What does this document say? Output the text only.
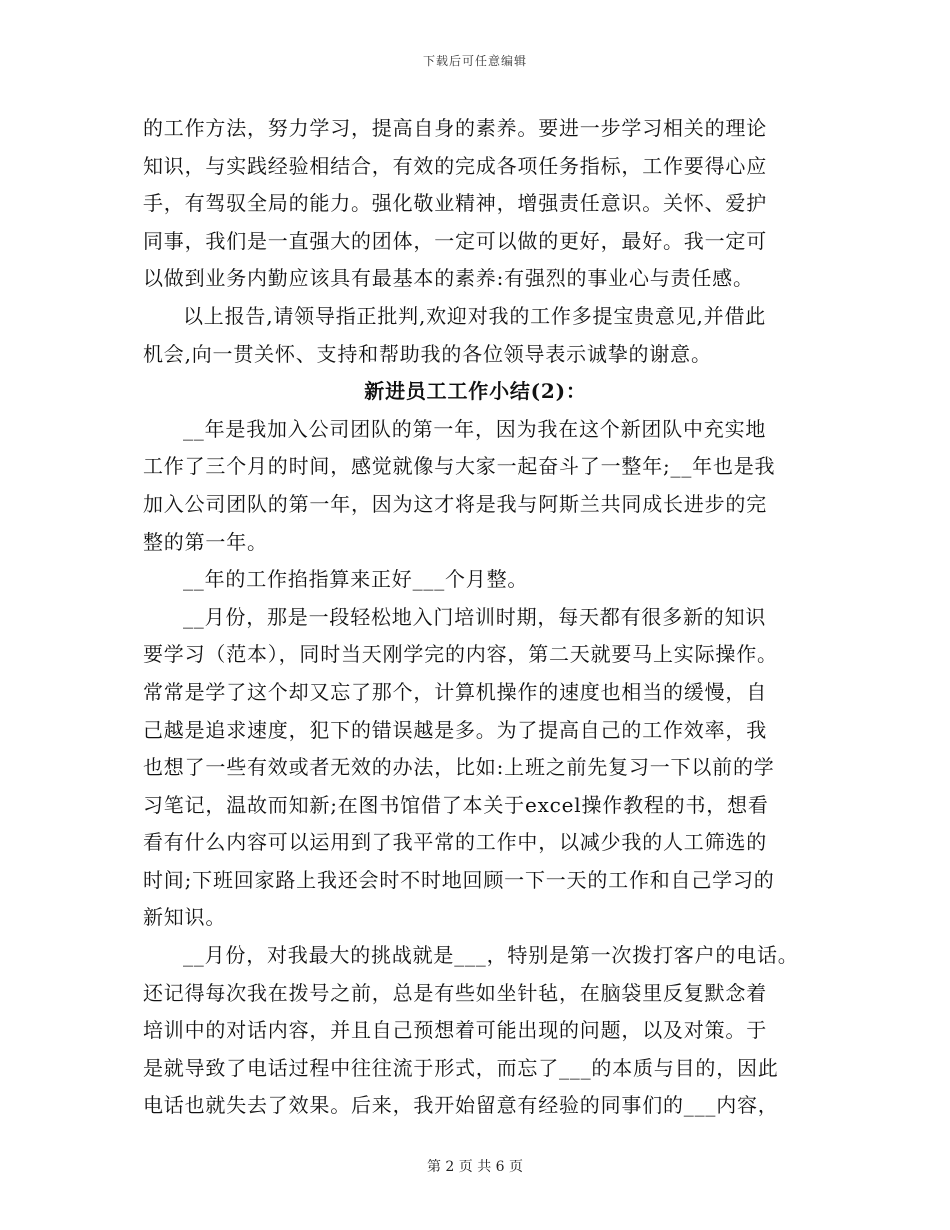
下载后可任意编辑
的工作方法，努力学习，提高自身的素养。要进一步学习相关的理论
知识，与实践经验相结合，有效的完成各项任务指标，工作要得心应
手，有驾驭全局的能力。强化敬业精神，增强责任意识。关怀、爱护
同事，我们是一直强大的团体，一定可以做的更好，最好。我一定可
以做到业务内勤应该具有最基本的素养:有强烈的事业心与责任感。
以上报告,请领导指正批判,欢迎对我的工作多提宝贵意见,并借此
机会,向一贯关怀、支持和帮助我的各位领导表示诚挚的谢意。
新进员工工作小结(2)：
__年是我加入公司团队的第一年，因为我在这个新团队中充实地
工作了三个月的时间，感觉就像与大家一起奋斗了一整年;__年也是我
加入公司团队的第一年，因为这才将是我与阿斯兰共同成长进步的完
整的第一年。
__年的工作掐指算来正好___个月整。
__月份，那是一段轻松地入门培训时期，每天都有很多新的知识
要学习（范本），同时当天刚学完的内容，第二天就要马上实际操作。
常常是学了这个却又忘了那个，计算机操作的速度也相当的缓慢，自
己越是追求速度，犯下的错误越是多。为了提高自己的工作效率，我
也想了一些有效或者无效的办法，比如:上班之前先复习一下以前的学
习笔记，温故而知新;在图书馆借了本关于excel操作教程的书，想看
看有什么内容可以运用到了我平常的工作中，以减少我的人工筛选的
时间;下班回家路上我还会时不时地回顾一下一天的工作和自己学习的
新知识。
__月份，对我最大的挑战就是___，特别是第一次拨打客户的电话。
还记得每次我在拨号之前，总是有些如坐针毡，在脑袋里反复默念着
培训中的对话内容，并且自己预想着可能出现的问题，以及对策。于
是就导致了电话过程中往往流于形式，而忘了___的本质与目的，因此
电话也就失去了效果。后来，我开始留意有经验的同事们的___内容，
第 2 页 共 6 页
